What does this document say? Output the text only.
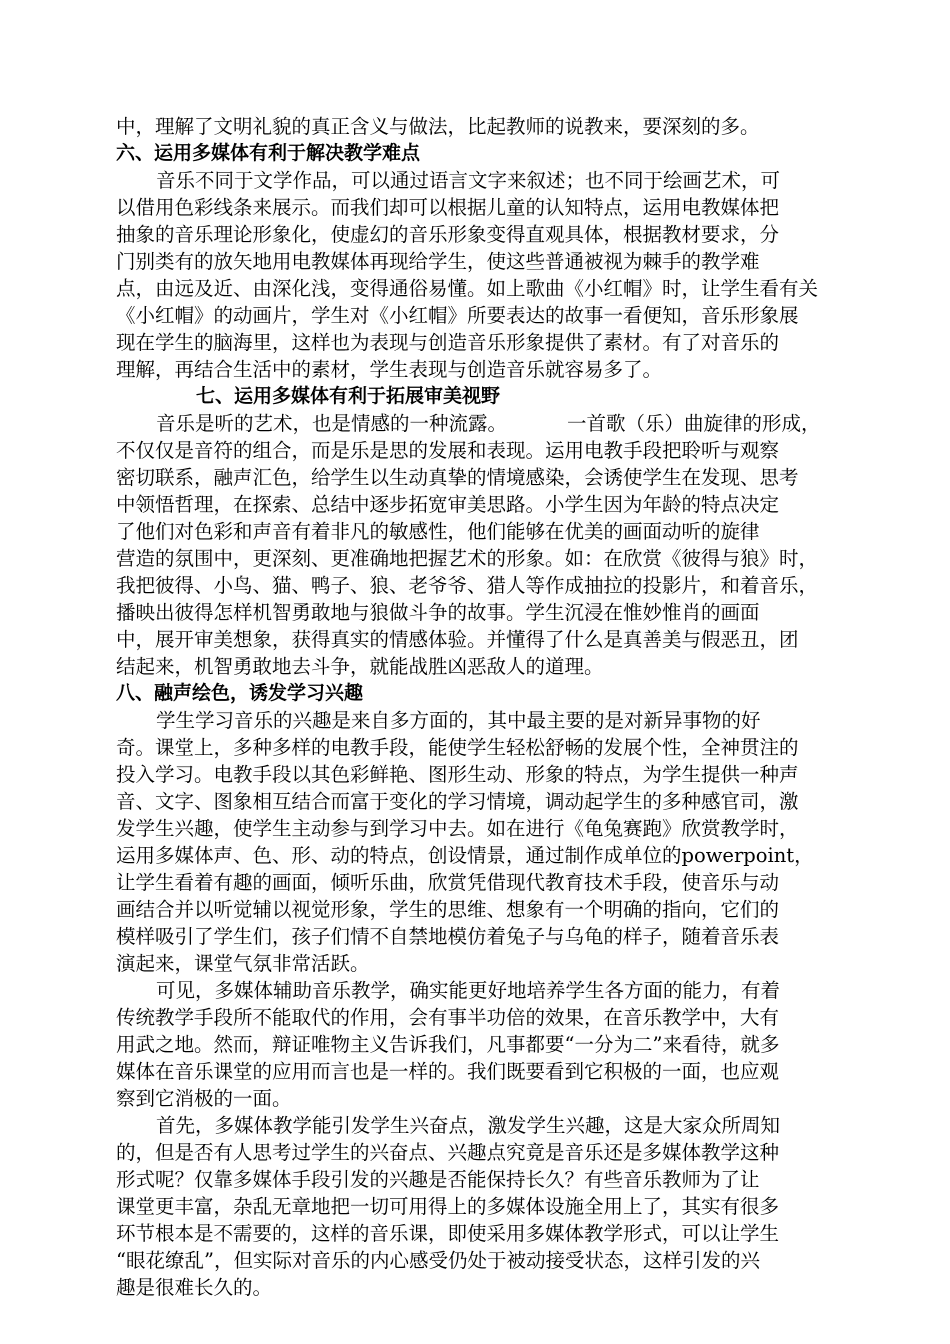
中，理解了文明礼貌的真正含义与做法，比起教师的说教来，要深刻的多。
六、运用多媒体有利于解决教学难点
音乐不同于文学作品，可以通过语言文字来叙述；也不同于绘画艺术，可
以借用色彩线条来展示。而我们却可以根据儿童的认知特点，运用电教媒体把
抽象的音乐理论形象化，使虚幻的音乐形象变得直观具体，根据教材要求，分
门别类有的放矢地用电教媒体再现给学生，使这些普通被视为棘手的教学难
点，由远及近、由深化浅，变得通俗易懂。如上歌曲《小红帽》时，让学生看有关
《小红帽》的动画片，学生对《小红帽》所要表达的故事一看便知，音乐形象展
现在学生的脑海里，这样也为表现与创造音乐形象提供了素材。有了对音乐的
理解，再结合生活中的素材，学生表现与创造音乐就容易多了。
七、运用多媒体有利于拓展审美视野
音乐是听的艺术，也是情感的一种流露。	一首歌（乐）曲旋律的形成，
不仅仅是音符的组合，而是乐是思的发展和表现。运用电教手段把聆听与观察
密切联系，融声汇色，给学生以生动真挚的情境感染，会诱使学生在发现、思考
中领悟哲理，在探索、总结中逐步拓宽审美思路。小学生因为年龄的特点决定
了他们对色彩和声音有着非凡的敏感性，他们能够在优美的画面动听的旋律
营造的氛围中，更深刻、更准确地把握艺术的形象。如：在欣赏《彼得与狼》时，
我把彼得、小鸟、猫、鸭子、狼、老爷爷、猎人等作成抽拉的投影片，和着音乐，
播映出彼得怎样机智勇敢地与狼做斗争的故事。学生沉浸在惟妙惟肖的画面
中，展开审美想象，获得真实的情感体验。并懂得了什么是真善美与假恶丑，团
结起来，机智勇敢地去斗争，就能战胜凶恶敌人的道理。
八、融声绘色，诱发学习兴趣
学生学习音乐的兴趣是来自多方面的，其中最主要的是对新异事物的好
奇。课堂上，多种多样的电教手段，能使学生轻松舒畅的发展个性，全神贯注的
投入学习。电教手段以其色彩鲜艳、图形生动、形象的特点，为学生提供一种声
音、文字、图象相互结合而富于变化的学习情境，调动起学生的多种感官司，激
发学生兴趣，使学生主动参与到学习中去。如在进行《龟兔赛跑》欣赏教学时，
运用多媒体声、色、形、动的特点，创设情景，通过制作成单位的powerpoint，
让学生看着有趣的画面，倾听乐曲，欣赏凭借现代教育技术手段，使音乐与动
画结合并以听觉辅以视觉形象，学生的思维、想象有一个明确的指向，它们的
模样吸引了学生们，孩子们情不自禁地模仿着兔子与乌龟的样子，随着音乐表
演起来，课堂气氛非常活跃。
可见，多媒体辅助音乐教学，确实能更好地培养学生各方面的能力，有着
传统教学手段所不能取代的作用，会有事半功倍的效果，在音乐教学中，大有
用武之地。然而，辩证唯物主义告诉我们，凡事都要“一分为二”来看待，就多
媒体在音乐课堂的应用而言也是一样的。我们既要看到它积极的一面，也应观
察到它消极的一面。
首先，多媒体教学能引发学生兴奋点，激发学生兴趣，这是大家众所周知
的，但是否有人思考过学生的兴奋点、兴趣点究竟是音乐还是多媒体教学这种
形式呢？仅靠多媒体手段引发的兴趣是否能保持长久？有些音乐教师为了让
课堂更丰富，杂乱无章地把一切可用得上的多媒体设施全用上了，其实有很多
环节根本是不需要的，这样的音乐课，即使采用多媒体教学形式，可以让学生
“眼花缭乱”，但实际对音乐的内心感受仍处于被动接受状态，这样引发的兴
趣是很难长久的。
